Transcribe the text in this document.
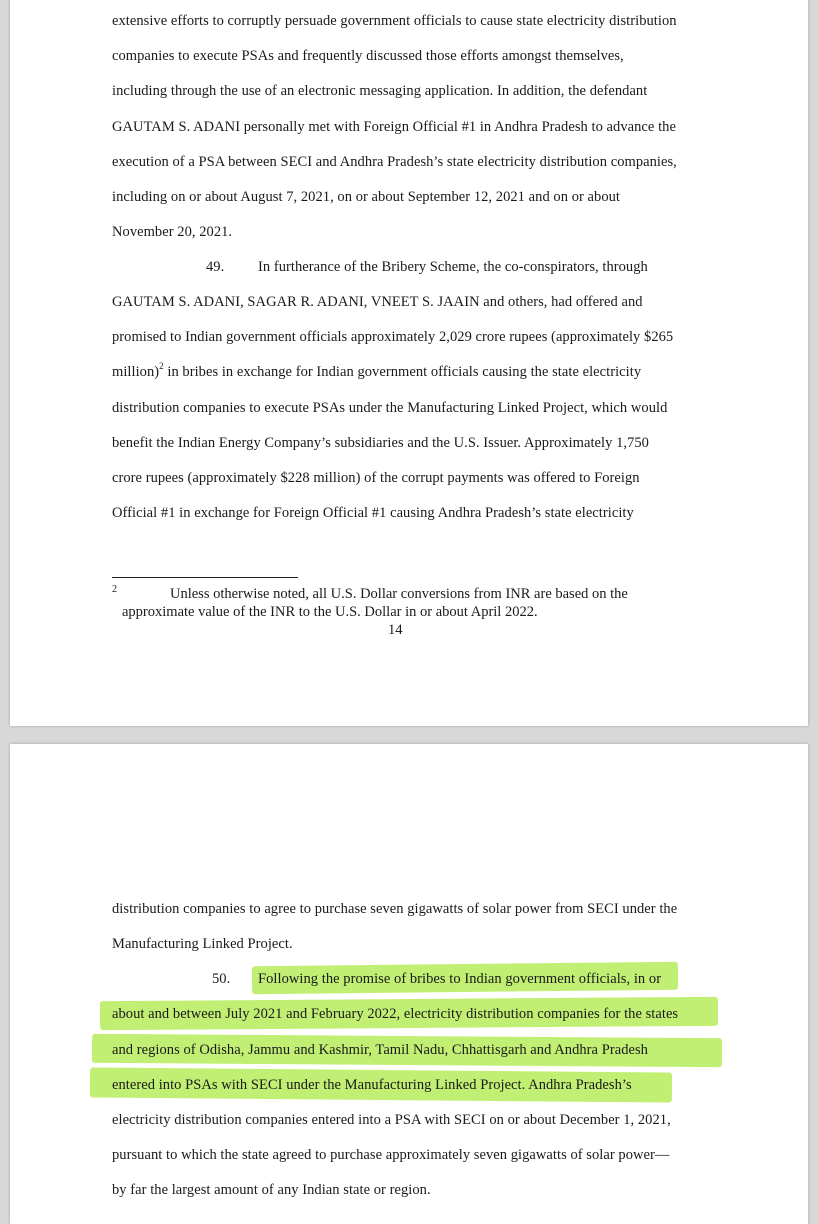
extensive efforts to corruptly persuade government officials to cause state electricity distribution
companies to execute PSAs and frequently discussed those efforts amongst themselves,
including through the use of an electronic messaging application. In addition, the defendant
GAUTAM S. ADANI personally met with Foreign Official #1 in Andhra Pradesh to advance the
execution of a PSA between SECI and Andhra Pradesh’s state electricity distribution companies,
including on or about August 7, 2021, on or about September 12, 2021 and on or about
November 20, 2021.
49. In furtherance of the Bribery Scheme, the co-conspirators, through
GAUTAM S. ADANI, SAGAR R. ADANI, VNEET S. JAAIN and others, had offered and
promised to Indian government officials approximately 2,029 crore rupees (approximately $265
million)$^2$ in bribes in exchange for Indian government officials causing the state electricity
distribution companies to execute PSAs under the Manufacturing Linked Project, which would
benefit the Indian Energy Company’s subsidiaries and the U.S. Issuer. Approximately 1,750
crore rupees (approximately $228 million) of the corrupt payments was offered to Foreign
Official #1 in exchange for Foreign Official #1 causing Andhra Pradesh’s state electricity
2	Unless otherwise noted, all U.S. Dollar conversions from INR are based on the
approximate value of the INR to the U.S. Dollar in or about April 2022.
14
distribution companies to agree to purchase seven gigawatts of solar power from SECI under the
Manufacturing Linked Project.
50. Following the promise of bribes to Indian government officials, in or
about and between July 2021 and February 2022, electricity distribution companies for the states
and regions of Odisha, Jammu and Kashmir, Tamil Nadu, Chhattisgarh and Andhra Pradesh
entered into PSAs with SECI under the Manufacturing Linked Project. Andhra Pradesh’s
electricity distribution companies entered into a PSA with SECI on or about December 1, 2021,
pursuant to which the state agreed to purchase approximately seven gigawatts of solar power—
by far the largest amount of any Indian state or region.
